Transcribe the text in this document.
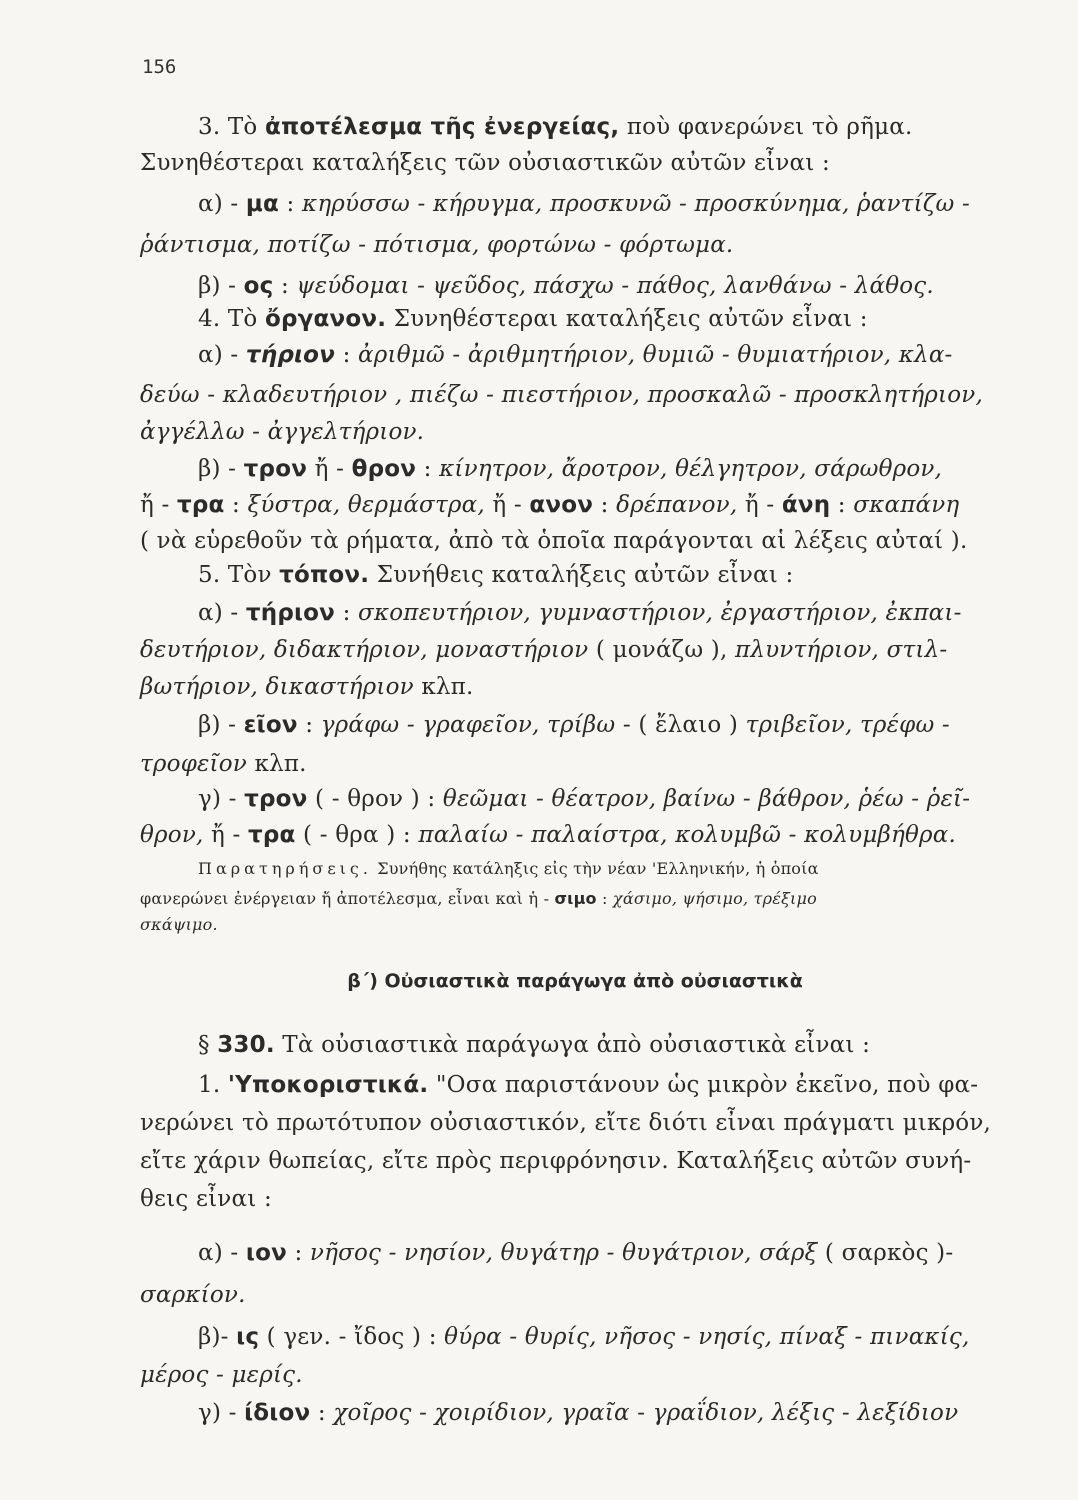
156
3. Τὸ ἀποτέλεσμα τῆς ἐνεργείας, ποὺ φανερώνει τὸ ρῆμα.
Συνηθέστεραι καταλήξεις τῶν οὐσιαστικῶν αὐτῶν εἶναι :
α) - μα : κηρύσσω - κήρυγμα, προσκυνῶ - προσκύνημα, ῥαντίζω -
ῥάντισμα, ποτίζω - πότισμα, φορτώνω - φόρτωμα.
β) - ος : ψεύδομαι - ψεῦδος, πάσχω - πάθος, λανθάνω - λάθος.
4. Τὸ ὄργανον. Συνηθέστεραι καταλήξεις αὐτῶν εἶναι :
α) - τήριον : ἀριθμῶ - ἀριθμητήριον, θυμιῶ - θυμιατήριον, κλα-
δεύω - κλαδευτήριον , πιέζω - πιεστήριον, προσκαλῶ - προσκλητήριον,
ἀγγέλλω - ἀγγελτήριον.
β) - τρον ἤ - θρον : κίνητρον, ἄροτρον, θέλγητρον, σάρωθρον,
ἤ - τρα : ξύστρα, θερμάστρα, ἤ - ανον : δρέπανον, ἤ - άνη : σκαπάνη
( νὰ εὑρεθοῦν τὰ ρήματα, ἀπὸ τὰ ὁποῖα παράγονται αἱ λέξεις αὐταί ).
5. Τὸν τόπον. Συνήθεις καταλήξεις αὐτῶν εἶναι :
α) - τήριον : σκοπευτήριον, γυμναστήριον, ἐργαστήριον, ἐκπαι-
δευτήριον, διδακτήριον, μοναστήριον ( μονάζω ), πλυντήριον, στιλ-
βωτήριον, δικαστήριον κλπ.
β) - εῖον : γράφω - γραφεῖον, τρίβω - ( ἔλαιο ) τριβεῖον, τρέφω -
τροφεῖον κλπ.
γ) - τρον ( - θρον ) : θεῶμαι - θέατρον, βαίνω - βάθρον, ῥέω - ῥεῖ-
θρον, ἤ - τρα ( - θρα ) : παλαίω - παλαίστρα, κολυμβῶ - κολυμβήθρα.
Παρατηρήσεις. Συνήθης κατάληξις εἰς τὴν νέαν 'Ελληνικήν, ἡ ὁποία
φανερώνει ἐνέργειαν ἤ ἀποτέλεσμα, εἶναι καὶ ἡ - σιμο : χάσιμο, ψήσιμο, τρέξιμο
σκάψιμο.
β΄) Οὐσιαστικὰ παράγωγα ἀπὸ οὐσιαστικὰ
§ 330. Τὰ οὐσιαστικὰ παράγωγα ἀπὸ οὐσιαστικὰ εἶναι :
1. 'Υποκοριστικά. "Οσα παριστάνουν ὡς μικρὸν ἐκεῖνο, ποὺ φα-
νερώνει τὸ πρωτότυπον οὐσιαστικόν, εἴτε διότι εἶναι πράγματι μικρόν,
εἴτε χάριν θωπείας, εἴτε πρὸς περιφρόνησιν. Καταλήξεις αὐτῶν συνή-
θεις εἶναι :
α) - ιον : νῆσος - νησίον, θυγάτηρ - θυγάτριον, σάρξ ( σαρκὸς )-
σαρκίον.
β)- ις ( γεν. - ἴδος ) : θύρα - θυρίς, νῆσος - νησίς, πίναξ - πινακίς,
μέρος - μερίς.
γ) - ίδιον : χοῖρος - χοιρίδιον, γραῖα - γραΐδιον, λέξις - λεξίδιον
